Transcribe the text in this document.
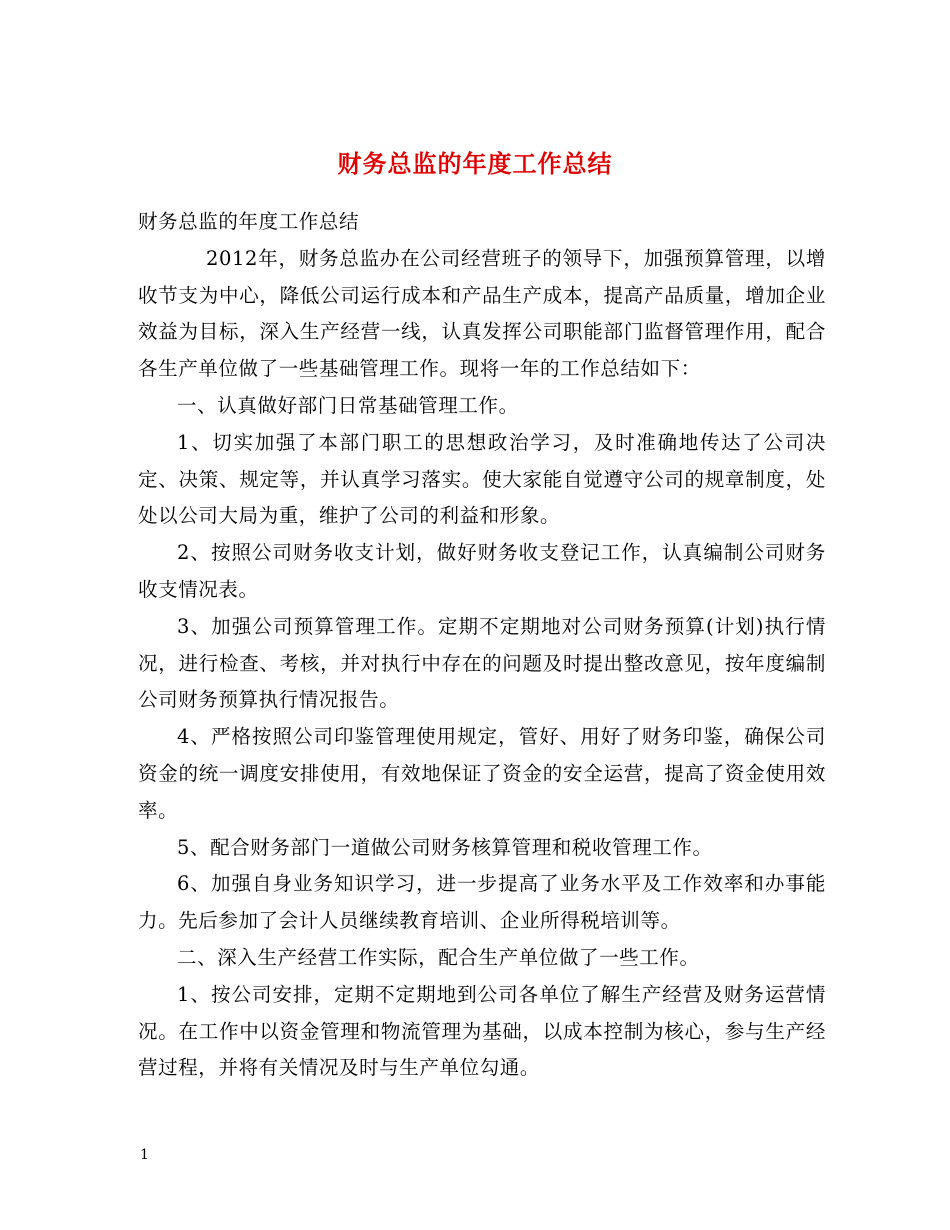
财务总监的年度工作总结

财务总监的年度工作总结

2012年，财务总监办在公司经营班子的领导下，加强预算管理，以增收节支为中心，降低公司运行成本和产品生产成本，提高产品质量，增加企业效益为目标，深入生产经营一线，认真发挥公司职能部门监督管理作用，配合各生产单位做了一些基础管理工作。现将一年的工作总结如下：

一、认真做好部门日常基础管理工作。

1、切实加强了本部门职工的思想政治学习，及时准确地传达了公司决定、决策、规定等，并认真学习落实。使大家能自觉遵守公司的规章制度，处处以公司大局为重，维护了公司的利益和形象。

2、按照公司财务收支计划，做好财务收支登记工作，认真编制公司财务收支情况表。

3、加强公司预算管理工作。定期不定期地对公司财务预算(计划)执行情况，进行检查、考核，并对执行中存在的问题及时提出整改意见，按年度编制公司财务预算执行情况报告。

4、严格按照公司印鉴管理使用规定，管好、用好了财务印鉴，确保公司资金的统一调度安排使用，有效地保证了资金的安全运营，提高了资金使用效率。

5、配合财务部门一道做公司财务核算管理和税收管理工作。

6、加强自身业务知识学习，进一步提高了业务水平及工作效率和办事能力。先后参加了会计人员继续教育培训、企业所得税培训等。

二、深入生产经营工作实际，配合生产单位做了一些工作。

1、按公司安排，定期不定期地到公司各单位了解生产经营及财务运营情况。在工作中以资金管理和物流管理为基础，以成本控制为核心，参与生产经营过程，并将有关情况及时与生产单位勾通。

1
